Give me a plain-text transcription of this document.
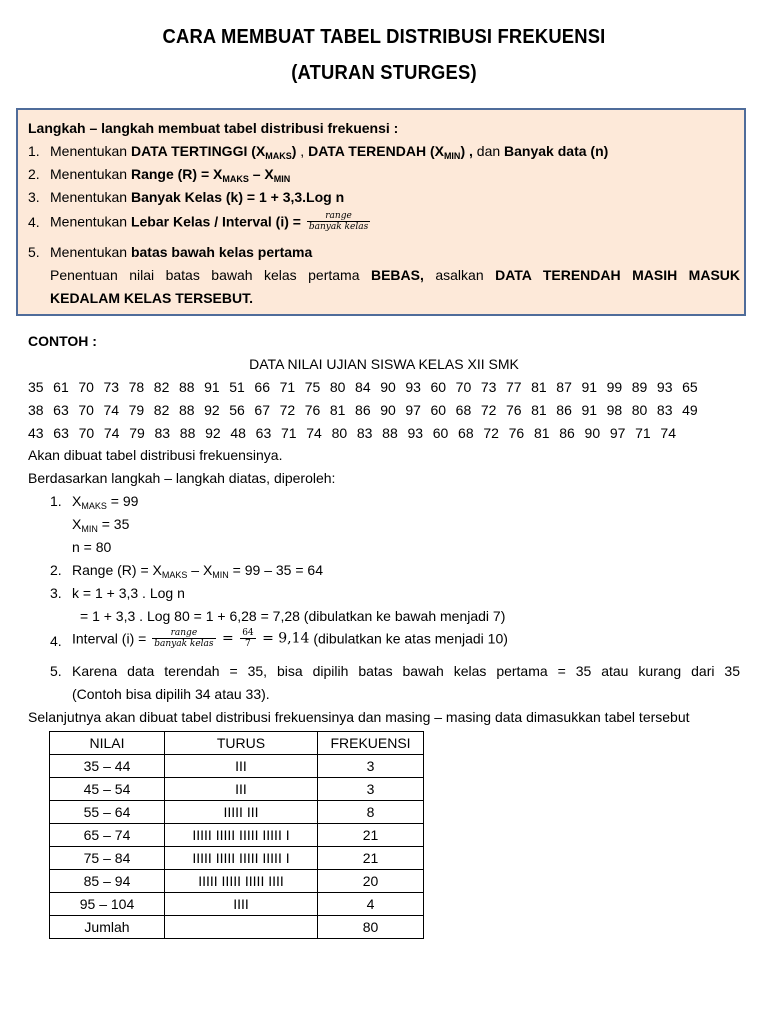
CARA MEMBUAT TABEL DISTRIBUSI FREKUENSI
(ATURAN STURGES)
Langkah – langkah membuat tabel distribusi frekuensi :
1. Menentukan DATA TERTINGGI $(X_{MAKS})$ , DATA TERENDAH $(X_{MIN})$ , dan Banyak data (n)
2. Menentukan Range $(R) = X_{MAKS} - X_{MIN}$
3. Menentukan Banyak Kelas (k) = 1 + 3,3.Log n
4. Menentukan Lebar Kelas / Interval $(i) = \frac{\text{range}}{\text{banyak kelas}}$
5. Menentukan batas bawah kelas pertama
Penentuan nilai batas bawah kelas pertama BEBAS, asalkan DATA TERENDAH MASIH MASUK
KEDALAM KELAS TERSEBUT.
CONTOH :
DATA NILAI UJIAN SISWA KELAS XII SMK
35 61 70 73 78 82 88 91 51 66 71 75 80 84 90 93 60 70 73 77 81 87 91 99 89 93 65
38 63 70 74 79 82 88 92 56 67 72 76 81 86 90 97 60 68 72 76 81 86 91 98 80 83 49
43 63 70 74 79 83 88 92 48 63 71 74 80 83 88 93 60 68 72 76 81 86 90 97 71 74
Akan dibuat tabel distribusi frekuensinya.
Berdasarkan langkah – langkah diatas, diperoleh:
1. $X_{MAKS} = 99$
$X_{MIN} = 35$
n = 80
2. Range $(R) = X_{MAKS} - X_{MIN} = 99 - 35 = 64$
3. k = 1 + 3,3 . Log n
= 1 + 3,3 . Log 80 = 1 + 6,28 = 7,28 (dibulatkan ke bawah menjadi 7)
4. Interval $(i) = \frac{\text{range}}{\text{banyak kelas}} = \frac{64}{7} = 9,14$ (dibulatkan ke atas menjadi 10)
5. Karena data terendah = 35, bisa dipilih batas bawah kelas pertama = 35 atau kurang dari 35
(Contoh bisa dipilih 34 atau 33).
Selanjutnya akan dibuat tabel distribusi frekuensinya dan masing – masing data dimasukkan tabel tersebut
NILAI	TURUS	FREKUENSI
35 – 44	III	3
45 – 54	III	3
55 – 64	IIIII III	8
65 – 74	IIIII IIIII IIIII IIIII I	21
75 – 84	IIIII IIIII IIIII IIIII I	21
85 – 94	IIIII IIIII IIIII IIII	20
95 – 104	IIII	4
Jumlah		80
